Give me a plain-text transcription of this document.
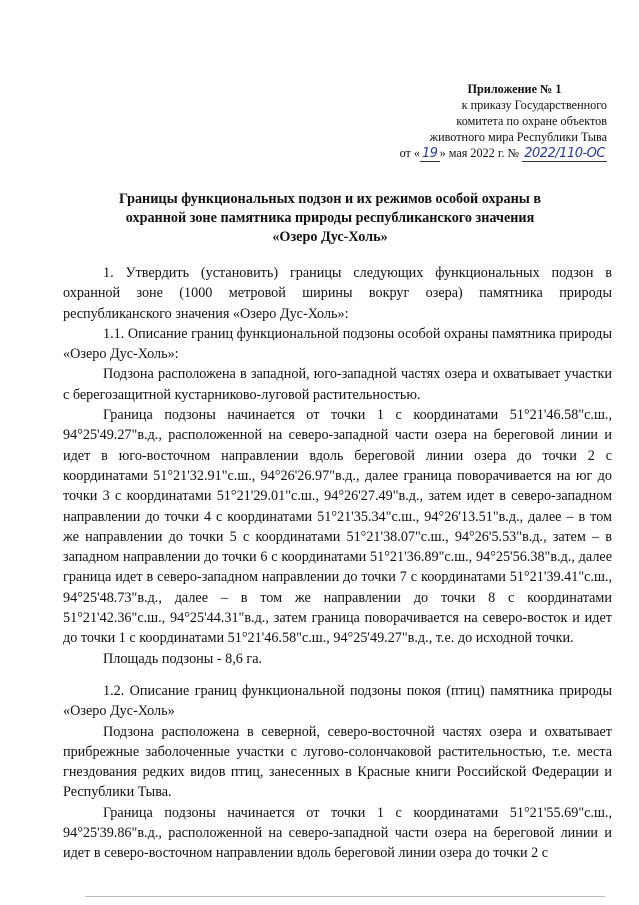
Приложение № 1
к приказу Государственного
комитета по охране объектов
животного мира Республики Тыва
от « 19 » мая 2022 г. № 2022/110-ОС
Границы функциональных подзон и их режимов особой охраны в
охранной зоне памятника природы республиканского значения
«Озеро Дус-Холь»

1. Утвердить (установить) границы следующих функциональных подзон в охранной зоне (1000 метровой ширины вокруг озера) памятника природы республиканского значения «Озеро Дус-Холь»:

1.1. Описание границ функциональной подзоны особой охраны памятника природы «Озеро Дус-Холь»:

Подзона расположена в западной, юго-западной частях озера и охватывает участки с берегозащитной кустарниково-луговой растительностью.

Граница подзоны начинается от точки 1 с координатами 51°21'46.58"с.ш., 94°25'49.27"в.д., расположенной на северо-западной части озера на береговой линии и идет в юго-восточном направлении вдоль береговой линии озера до точки 2 с координатами 51°21'32.91"с.ш., 94°26'26.97"в.д., далее граница поворачивается на юг до точки 3 с координатами 51°21'29.01"с.ш., 94°26'27.49"в.д., затем идет в северо-западном направлении до точки 4 с координатами 51°21'35.34"с.ш., 94°26'13.51"в.д., далее – в том же направлении до точки 5 с координатами 51°21'38.07"с.ш., 94°26'5.53"в.д., затем – в западном направлении до точки 6 с координатами 51°21'36.89"с.ш., 94°25'56.38"в.д., далее граница идет в северо-западном направлении до точки 7 с координатами 51°21'39.41"с.ш., 94°25'48.73"в.д., далее – в том же направлении до точки 8 с координатами 51°21'42.36"с.ш., 94°25'44.31"в.д., затем граница поворачивается на северо-восток и идет до точки 1 с координатами 51°21'46.58"с.ш., 94°25'49.27"в.д., т.е. до исходной точки.

Площадь подзоны - 8,6 га.

1.2. Описание границ функциональной подзоны покоя (птиц) памятника природы «Озеро Дус-Холь»

Подзона расположена в северной, северо-восточной частях озера и охватывает прибрежные заболоченные участки с лугово-солончаковой растительностью, т.е. места гнездования редких видов птиц, занесенных в Красные книги Российской Федерации и Республики Тыва.

Граница подзоны начинается от точки 1 с координатами 51°21'55.69"с.ш., 94°25'39.86"в.д., расположенной на северо-западной части озера на береговой линии и идет в северо-восточном направлении вдоль береговой линии озера до точки 2 с
